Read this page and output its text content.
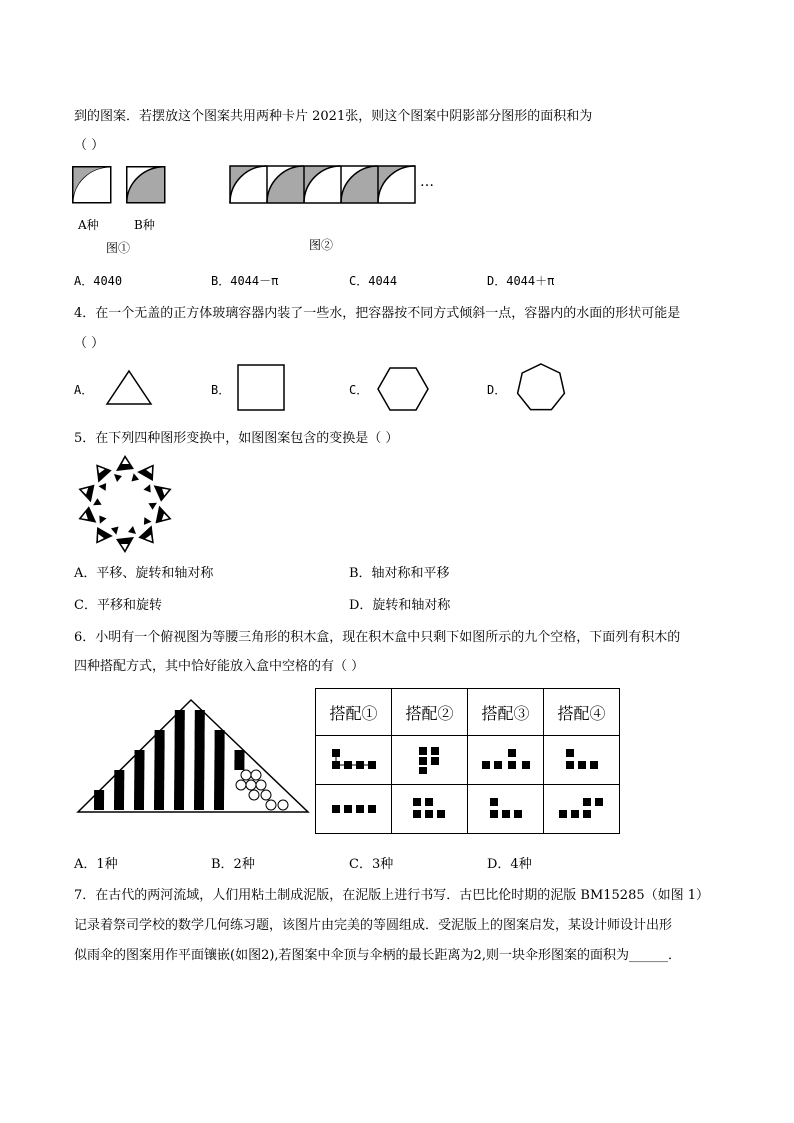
到的图案．若摆放这个图案共用两种卡片 2021张，则这个图案中阴影部分图形的面积和为
（ ）
A种	B种
图①
…
图②
A．4040	B．4044－π	C．4044	D．4044＋π
4．在一个无盖的正方体玻璃容器内装了一些水，把容器按不同方式倾斜一点，容器内的水面的形状可能是
（ ）
A．	B．	C．	D．
5．在下列四种图形变换中，如图图案包含的变换是（ ）
A．平移、旋转和轴对称	B．轴对称和平移
C．平移和旋转	D．旋转和轴对称
6．小明有一个俯视图为等腰三角形的积木盒，现在积木盒中只剩下如图所示的九个空格，下面列有积木的
四种搭配方式，其中恰好能放入盒中空格的有（ ）
搭配①	搭配②	搭配③	搭配④

A．1种	B．2种	C．3种	D．4种
7．在古代的两河流域，人们用粘土制成泥版，在泥版上进行书写．古巴比伦时期的泥版 BM15285（如图 1）
记录着祭司学校的数学几何练习题，该图片由完美的等圆组成．受泥版上的图案启发，某设计师设计出形
似雨伞的图案用作平面镶嵌(如图2),若图案中伞顶与伞柄的最长距离为2,则一块伞形图案的面积为______．
